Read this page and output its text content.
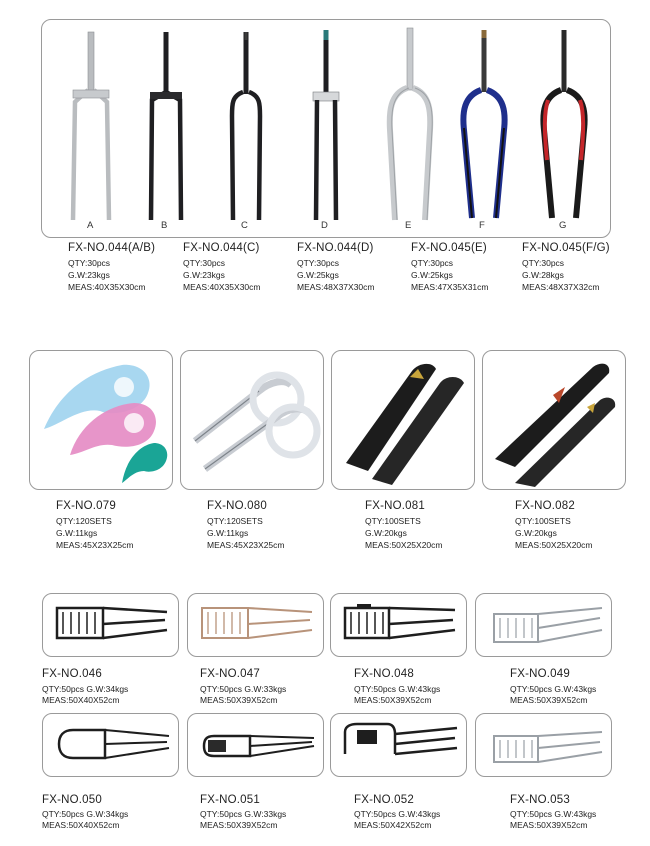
A	B	C	D	E	F	G
FX-NO.044(A/B)
QTY:30pcs
G.W:23kgs
MEAS:40X35X30cm
FX-NO.044(C)
QTY:30pcs
G.W:23kgs
MEAS:40X35X30cm
FX-NO.044(D)
QTY:30pcs
G.W:25kgs
MEAS:48X37X30cm
FX-NO.045(E)
QTY:30pcs
G.W:25kgs
MEAS:47X35X31cm
FX-NO.045(F/G)
QTY:30pcs
G.W:28kgs
MEAS:48X37X32cm
FX-NO.079
QTY:120SETS
G.W:11kgs
MEAS:45X23X25cm
FX-NO.080
QTY:120SETS
G.W:11kgs
MEAS:45X23X25cm
FX-NO.081
QTY:100SETS
G.W:20kgs
MEAS:50X25X20cm
FX-NO.082
QTY:100SETS
G.W:20kgs
MEAS:50X25X20cm
FX-NO.046
QTY:50pcs G.W:34kgs
MEAS:50X40X52cm
FX-NO.047
QTY:50pcs G.W:33kgs
MEAS:50X39X52cm
FX-NO.048
QTY:50pcs G.W:43kgs
MEAS:50X39X52cm
FX-NO.049
QTY:50pcs G.W:43kgs
MEAS:50X39X52cm
FX-NO.050
QTY:50pcs G.W:34kgs
MEAS:50X40X52cm
FX-NO.051
QTY:50pcs G.W:33kgs
MEAS:50X39X52cm
FX-NO.052
QTY:50pcs G.W:43kgs
MEAS:50X42X52cm
FX-NO.053
QTY:50pcs G.W:43kgs
MEAS:50X39X52cm
